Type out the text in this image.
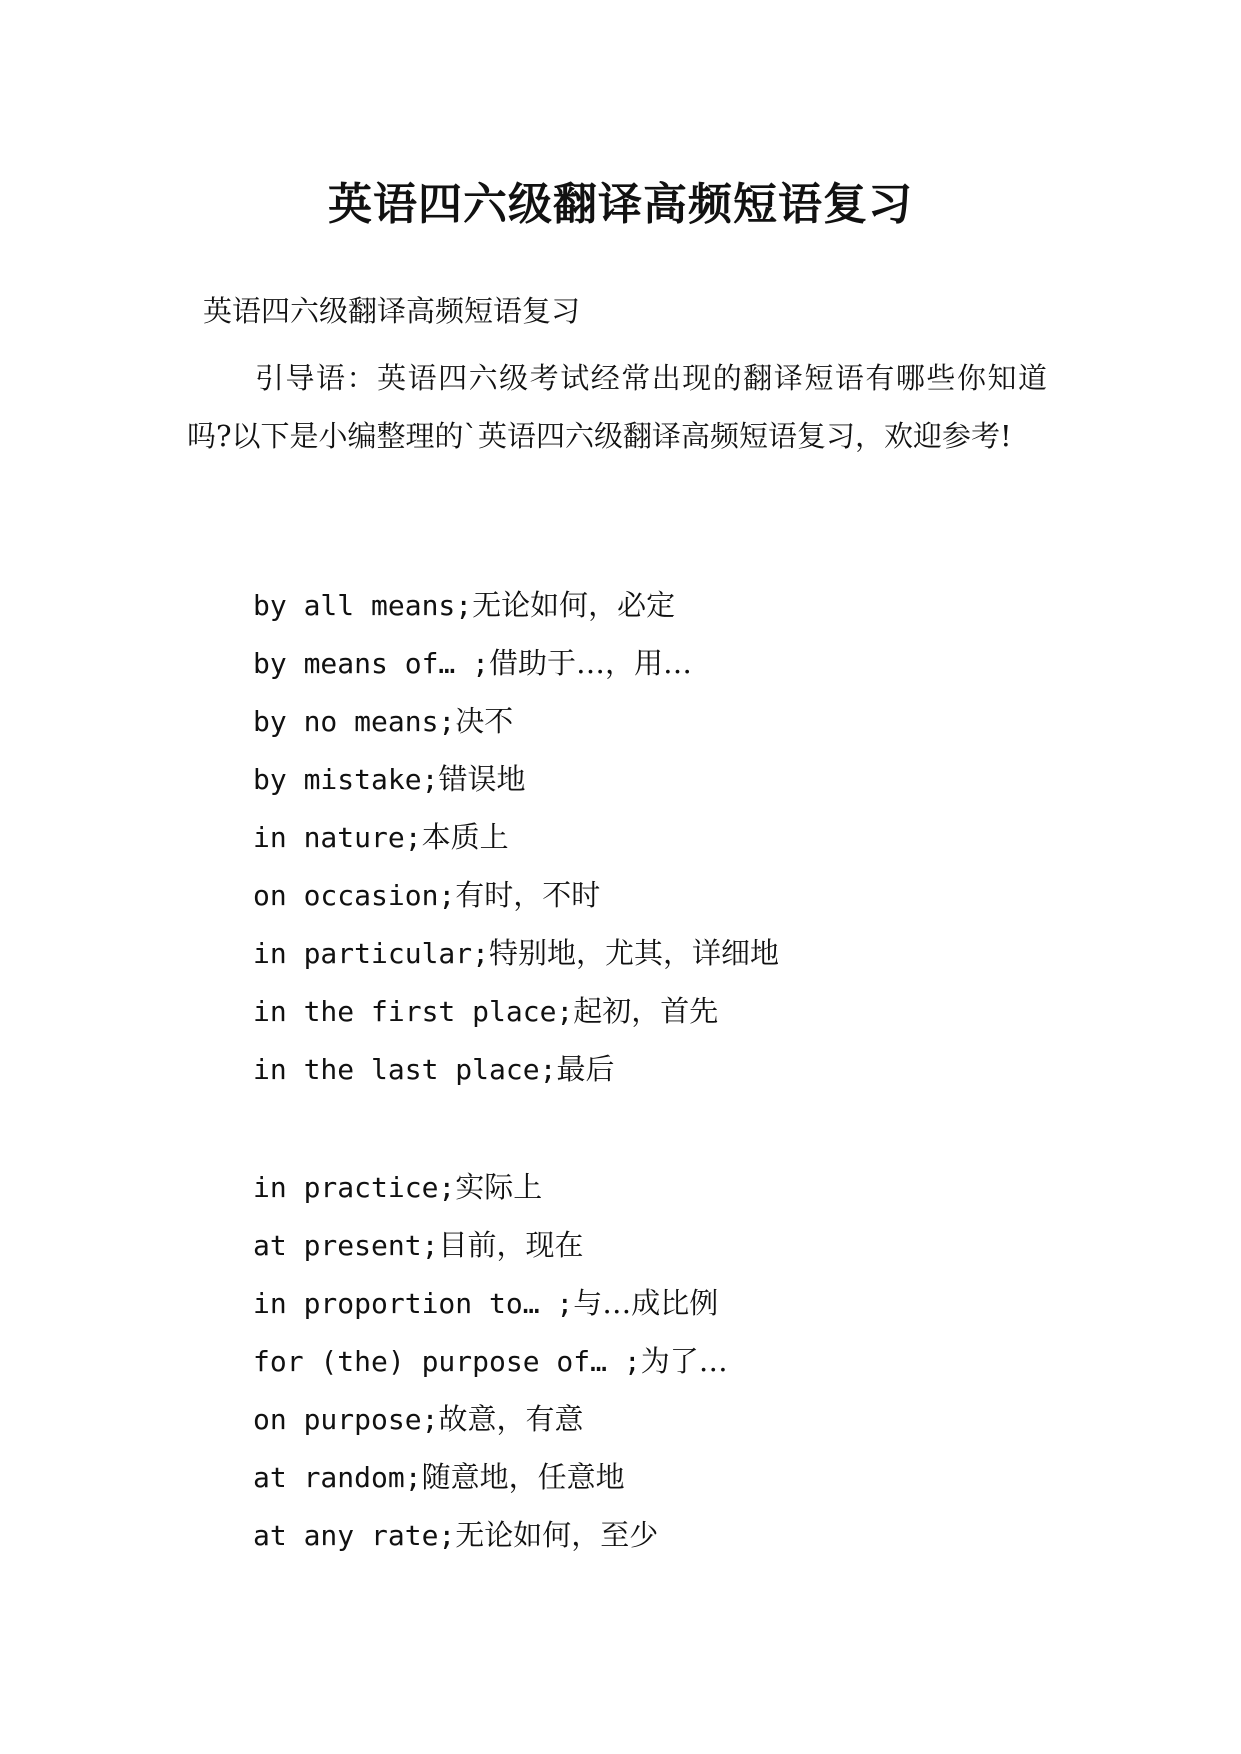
英语四六级翻译高频短语复习
英语四六级翻译高频短语复习

引导语：英语四六级考试经常出现的翻译短语有哪些你知道吗?以下是小编整理的`英语四六级翻译高频短语复习，欢迎参考!

by all means;无论如何，必定
by means of… ;借助于…，用…
by no means;决不
by mistake;错误地
in nature;本质上
on occasion;有时，不时
in particular;特别地，尤其，详细地
in the first place;起初，首先
in the last place;最后
in practice;实际上
at present;目前，现在
in proportion to… ;与…成比例
for (the) purpose of… ;为了…
on purpose;故意，有意
at random;随意地，任意地
at any rate;无论如何，至少
